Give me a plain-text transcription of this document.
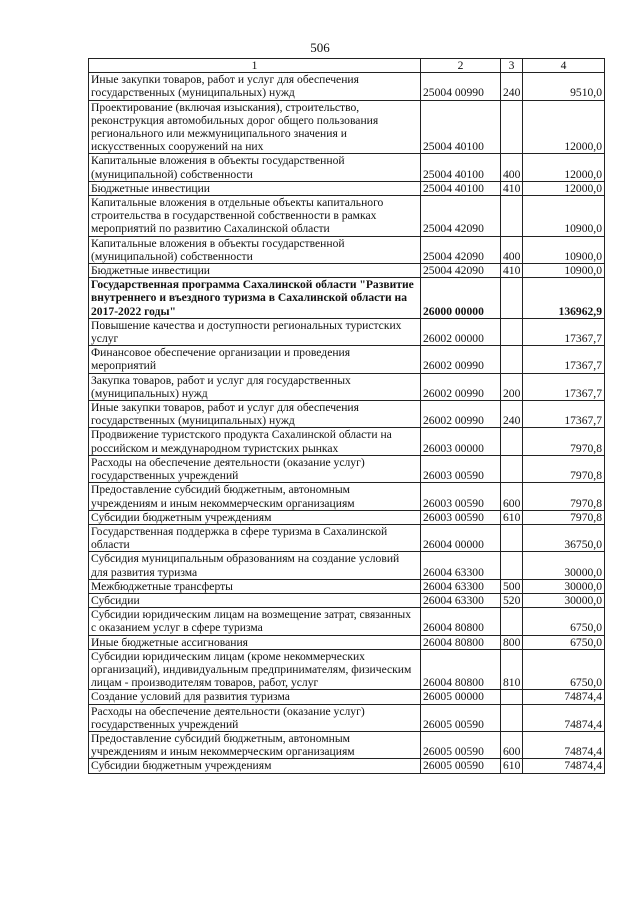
506
1	2	3	4
Иные закупки товаров, работ и услуг для обеспечения государственных (муниципальных) нужд	25004 00990	240	9510,0
Проектирование (включая изыскания), строительство, реконструкция автомобильных дорог общего пользования регионального или межмуниципального значения и искусственных сооружений на них	25004 40100		12000,0
Капитальные вложения в объекты государственной (муниципальной) собственности	25004 40100	400	12000,0
Бюджетные инвестиции	25004 40100	410	12000,0
Капитальные вложения в отдельные объекты капитального строительства в государственной собственности в рамках мероприятий по развитию Сахалинской области	25004 42090		10900,0
Капитальные вложения в объекты государственной (муниципальной) собственности	25004 42090	400	10900,0
Бюджетные инвестиции	25004 42090	410	10900,0
Государственная программа Сахалинской области "Развитие внутреннего и въездного туризма в Сахалинской области на 2017-2022 годы"	26000 00000		136962,9
Повышение качества и доступности региональных туристских услуг	26002 00000		17367,7
Финансовое обеспечение организации и проведения мероприятий	26002 00990		17367,7
Закупка товаров, работ и услуг для государственных (муниципальных) нужд	26002 00990	200	17367,7
Иные закупки товаров, работ и услуг для обеспечения государственных (муниципальных) нужд	26002 00990	240	17367,7
Продвижение туристского продукта Сахалинской области на российском и международном туристских рынках	26003 00000		7970,8
Расходы на обеспечение деятельности (оказание услуг) государственных учреждений	26003 00590		7970,8
Предоставление субсидий бюджетным, автономным учреждениям и иным некоммерческим организациям	26003 00590	600	7970,8
Субсидии бюджетным учреждениям	26003 00590	610	7970,8
Государственная поддержка в сфере туризма в Сахалинской области	26004 00000		36750,0
Субсидия муниципальным образованиям на создание условий для развития туризма	26004 63300		30000,0
Межбюджетные трансферты	26004 63300	500	30000,0
Субсидии	26004 63300	520	30000,0
Субсидии юридическим лицам на возмещение затрат, связанных с оказанием услуг в сфере туризма	26004 80800		6750,0
Иные бюджетные ассигнования	26004 80800	800	6750,0
Субсидии юридическим лицам (кроме некоммерческих организаций), индивидуальным предпринимателям, физическим лицам - производителям товаров, работ, услуг	26004 80800	810	6750,0
Создание условий для развития туризма	26005 00000		74874,4
Расходы на обеспечение деятельности (оказание услуг) государственных учреждений	26005 00590		74874,4
Предоставление субсидий бюджетным, автономным учреждениям и иным некоммерческим организациям	26005 00590	600	74874,4
Субсидии бюджетным учреждениям	26005 00590	610	74874,4
